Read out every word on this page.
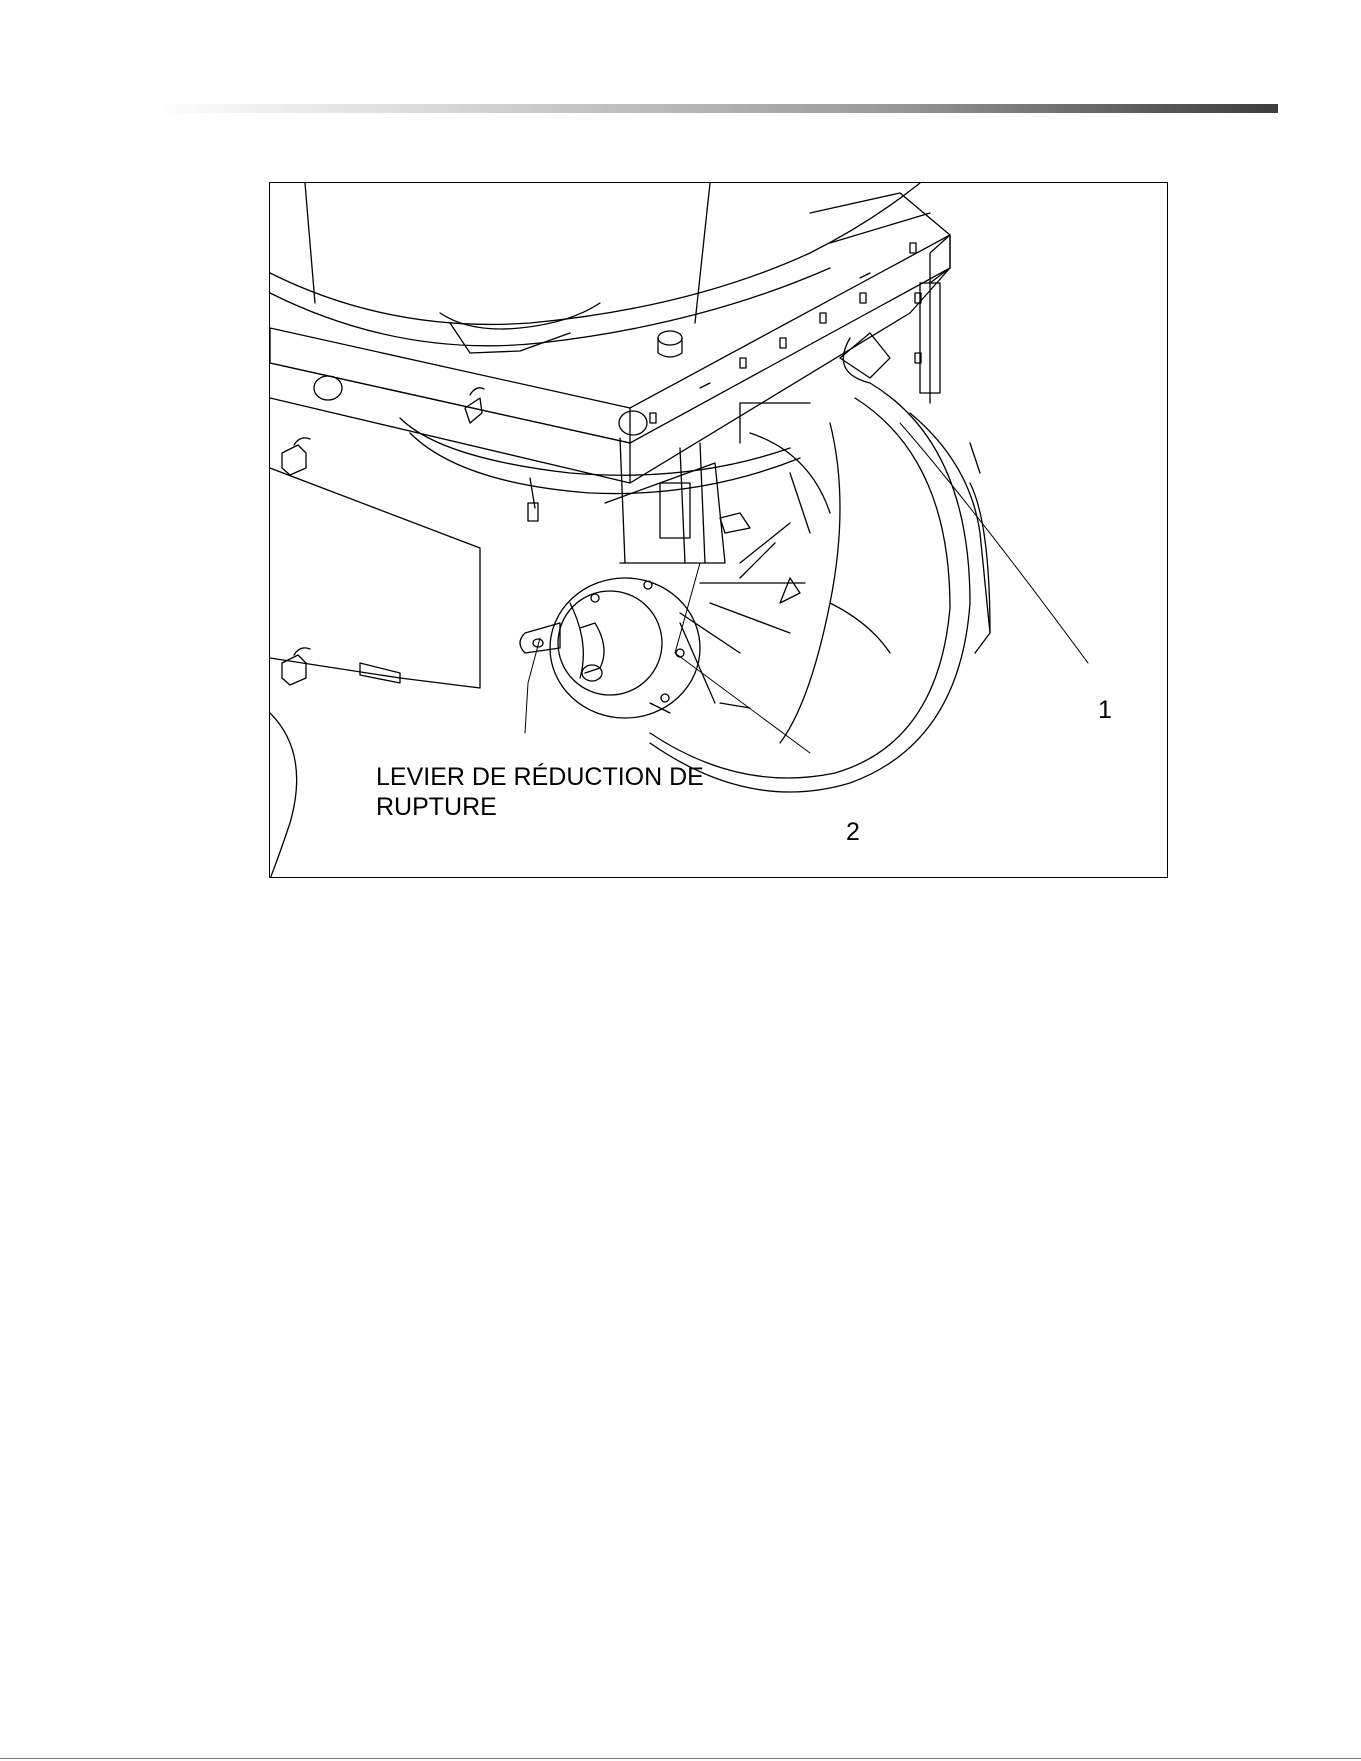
1
2
LEVIER DE RÉDUCTION DE
RUPTURE
